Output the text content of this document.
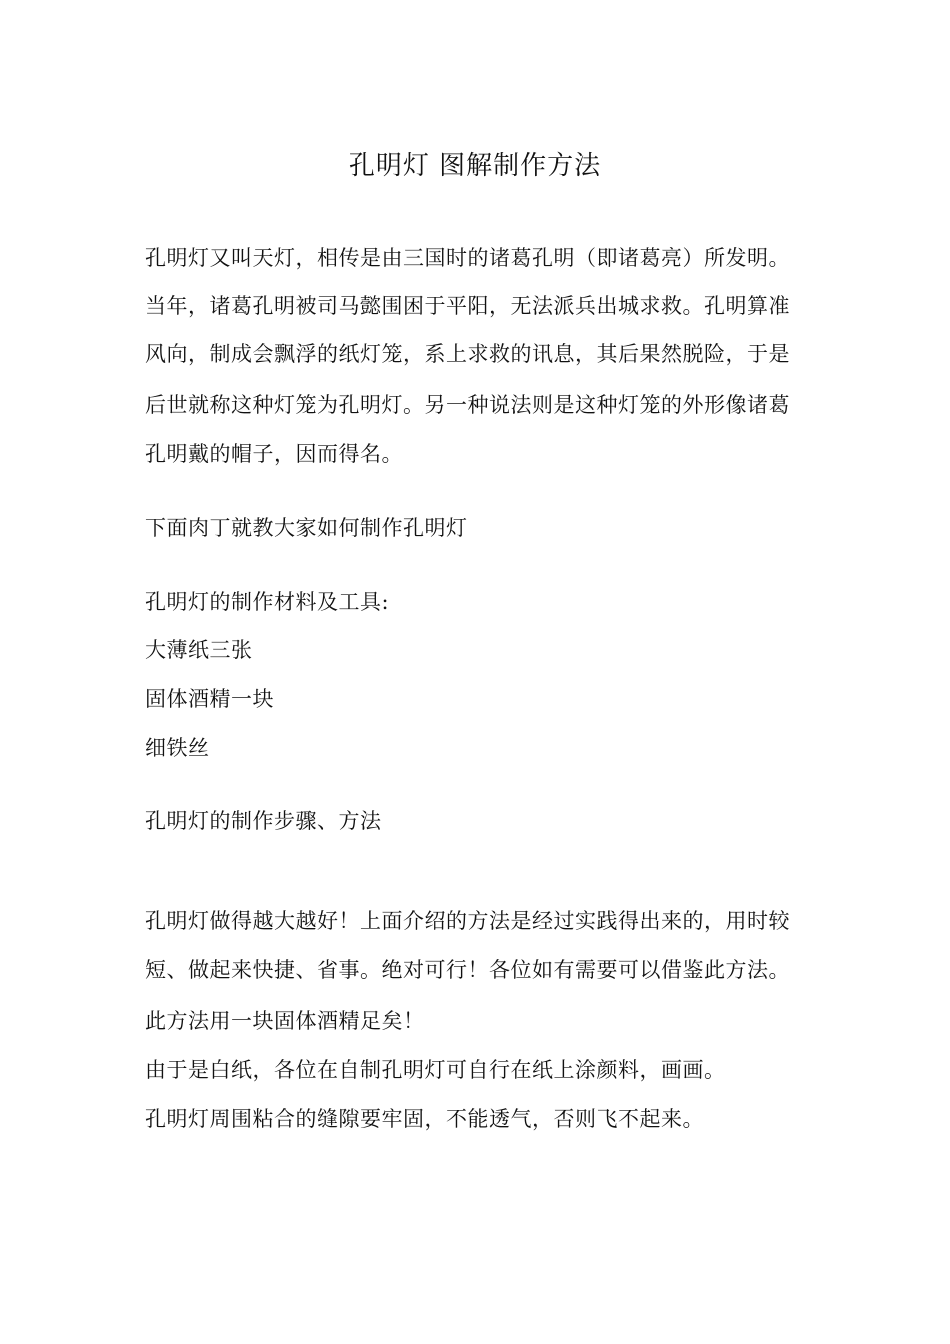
孔明灯 图解制作方法
孔明灯又叫天灯，相传是由三国时的诸葛孔明（即诸葛亮）所发明。
当年，诸葛孔明被司马懿围困于平阳，无法派兵出城求救。孔明算准
风向，制成会飘浮的纸灯笼，系上求救的讯息，其后果然脱险，于是
后世就称这种灯笼为孔明灯。另一种说法则是这种灯笼的外形像诸葛
孔明戴的帽子，因而得名。
下面肉丁就教大家如何制作孔明灯
孔明灯的制作材料及工具:
大薄纸三张
固体酒精一块
细铁丝
孔明灯的制作步骤、方法
孔明灯做得越大越好！上面介绍的方法是经过实践得出来的，用时较
短、做起来快捷、省事。绝对可行！各位如有需要可以借鉴此方法。
此方法用一块固体酒精足矣！
由于是白纸，各位在自制孔明灯可自行在纸上涂颜料，画画。
孔明灯周围粘合的缝隙要牢固，不能透气，否则飞不起来。
